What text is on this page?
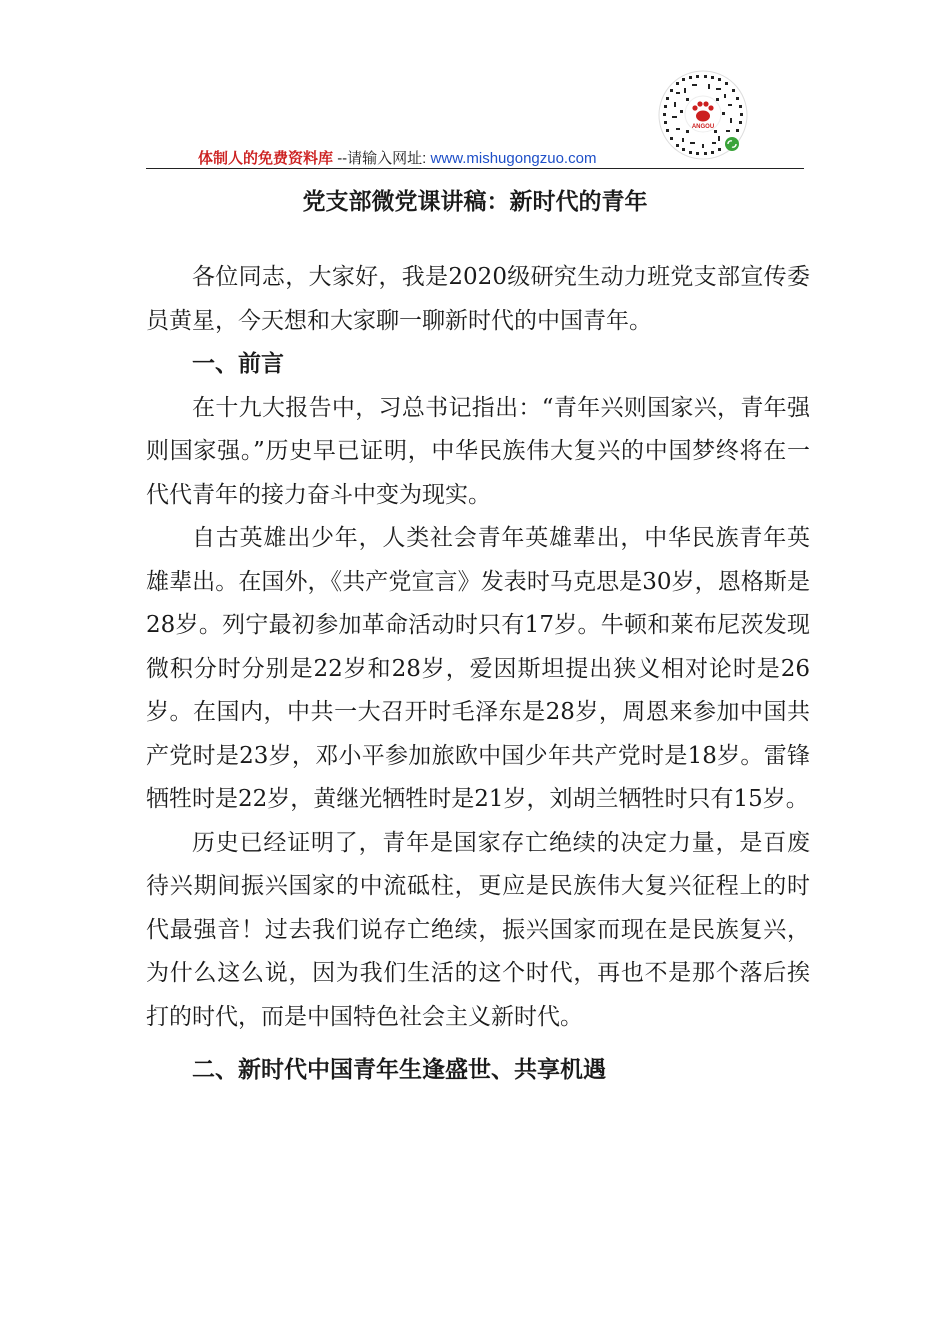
ANGOU
体制人的免费资料库 --请输入网址: www.mishugongzuo.com
党支部微党课讲稿：新时代的青年

各位同志，大家好，我是2020级研究生动力班党支部宣传委员黄星，今天想和大家聊一聊新时代的中国青年。

一、前言

在十九大报告中，习总书记指出：“青年兴则国家兴，青年强则国家强。”历史早已证明，中华民族伟大复兴的中国梦终将在一代代青年的接力奋斗中变为现实。

自古英雄出少年，人类社会青年英雄辈出，中华民族青年英雄辈出。在国外，《共产党宣言》发表时马克思是30岁，恩格斯是28岁。列宁最初参加革命活动时只有17岁。牛顿和莱布尼茨发现微积分时分别是22岁和28岁，爱因斯坦提出狭义相对论时是26岁。在国内，中共一大召开时毛泽东是28岁，周恩来参加中国共产党时是23岁，邓小平参加旅欧中国少年共产党时是18岁。雷锋牺牲时是22岁，黄继光牺牲时是21岁，刘胡兰牺牲时只有15岁。

历史已经证明了，青年是国家存亡绝续的决定力量，是百废待兴期间振兴国家的中流砥柱，更应是民族伟大复兴征程上的时代最强音！过去我们说存亡绝续，振兴国家而现在是民族复兴，为什么这么说，因为我们生活的这个时代，再也不是那个落后挨打的时代，而是中国特色社会主义新时代。

二、新时代中国青年生逢盛世、共享机遇
